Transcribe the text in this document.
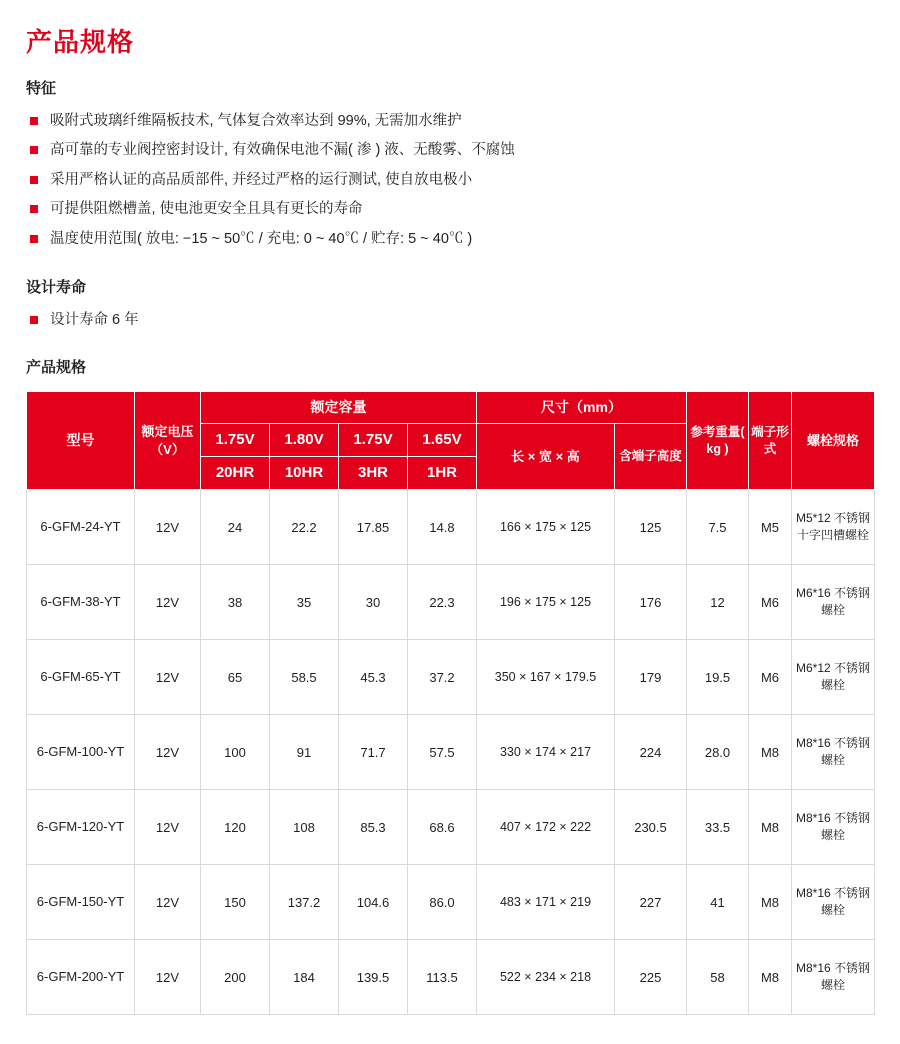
产品规格
特征
吸附式玻璃纤维隔板技术, 气体复合效率达到 99%, 无需加水维护
高可靠的专业阀控密封设计, 有效确保电池不漏( 渗 ) 液、无酸雾、不腐蚀
采用严格认证的高品质部件, 并经过严格的运行测试, 使自放电极小
可提供阻燃槽盖, 使电池更安全且具有更长的寿命
温度使用范围( 放电: −15 ~ 50℃ / 充电: 0 ~ 40℃ / 贮存: 5 ~ 40℃ )
设计寿命
设计寿命 6 年
产品规格
型号	额定电压（V）	额定容量				尺寸（mm）		参考重量( kg )	端子形式	螺栓规格
		1.75V	1.80V	1.75V	1.65V	长 × 宽 × 高	含端子高度			
		20HR	10HR	3HR	1HR					
6-GFM-24-YT	12V	24	22.2	17.85	14.8	166 × 175 × 125	125	7.5	M5	M5*12 不锈钢十字凹槽螺栓
6-GFM-38-YT	12V	38	35	30	22.3	196 × 175 × 125	176	12	M6	M6*16 不锈钢螺栓
6-GFM-65-YT	12V	65	58.5	45.3	37.2	350 × 167 × 179.5	179	19.5	M6	M6*12 不锈钢螺栓
6-GFM-100-YT	12V	100	91	71.7	57.5	330 × 174 × 217	224	28.0	M8	M8*16 不锈钢螺栓
6-GFM-120-YT	12V	120	108	85.3	68.6	407 × 172 × 222	230.5	33.5	M8	M8*16 不锈钢螺栓
6-GFM-150-YT	12V	150	137.2	104.6	86.0	483 × 171 × 219	227	41	M8	M8*16 不锈钢螺栓
6-GFM-200-YT	12V	200	184	139.5	113.5	522 × 234 × 218	225	58	M8	M8*16 不锈钢螺栓
